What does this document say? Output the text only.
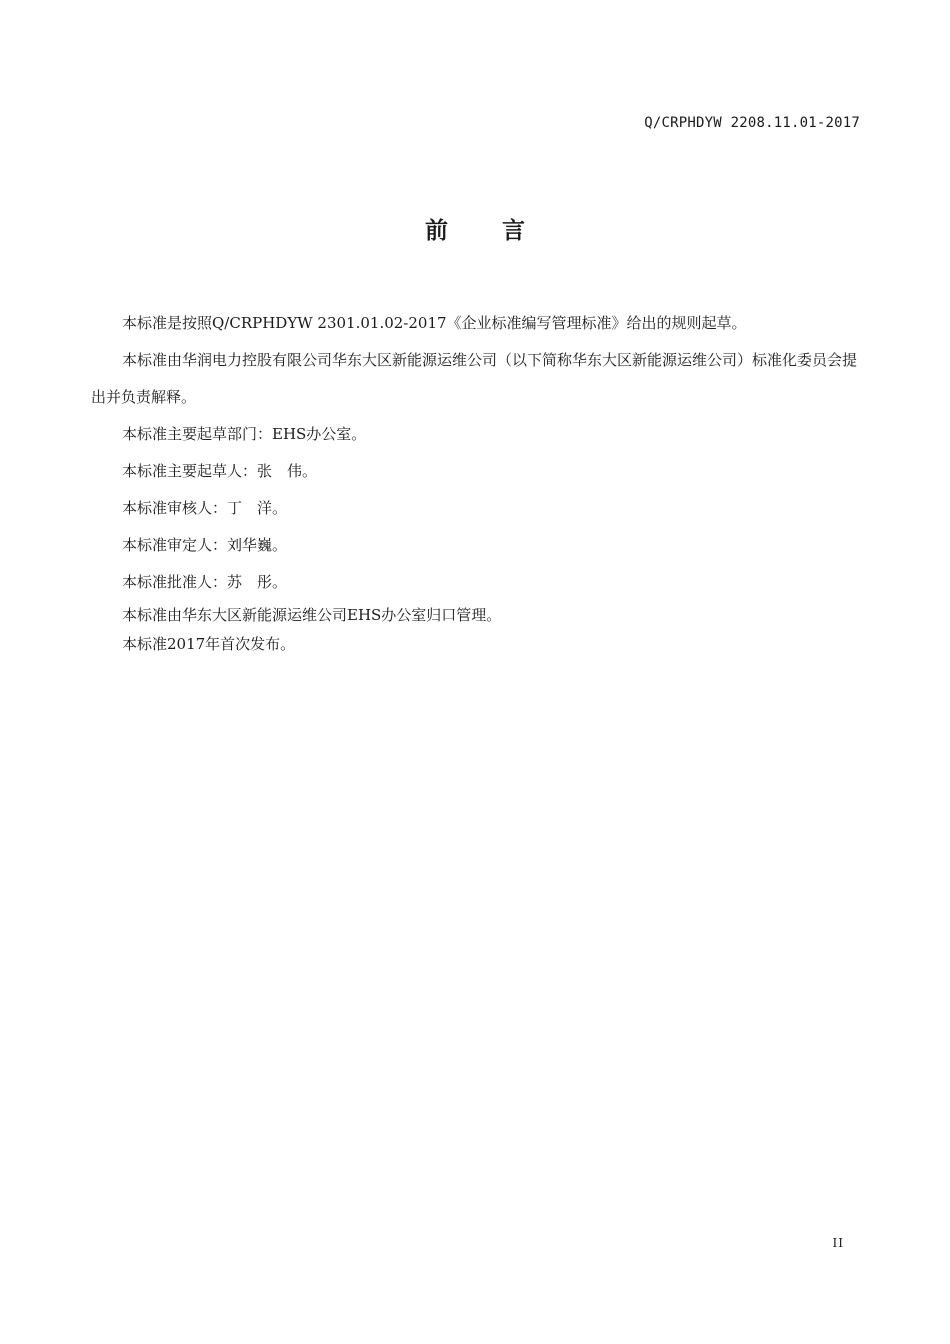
Q/CRPHDYW 2208.11.01-2017
前言

本标准是按照Q/CRPHDYW 2301.01.02-2017《企业标准编写管理标准》给出的规则起草。

本标准由华润电力控股有限公司华东大区新能源运维公司（以下简称华东大区新能源运维公司）标准化委员会提出并负责解释。

本标准主要起草部门：EHS办公室。

本标准主要起草人：张　伟。

本标准审核人：丁　洋。

本标准审定人：刘华巍。

本标准批准人：苏　彤。

本标准由华东大区新能源运维公司EHS办公室归口管理。

本标准2017年首次发布。

II
